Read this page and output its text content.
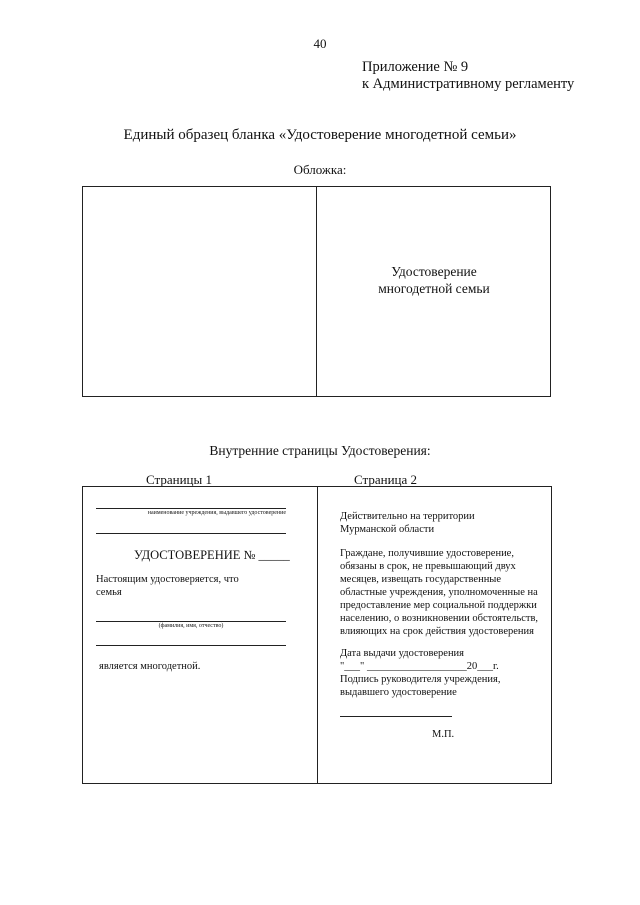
40
Приложение № 9
к Административному регламенту
Единый образец бланка «Удостоверение многодетной семьи»
Обложка:
Удостоверение
многодетной семьи
Внутренние страницы Удостоверения:
Страницы 1	Страница 2
наименование учреждения, выдавшего удостоверение
УДОСТОВЕРЕНИЕ № _____
Настоящим удостоверяется, что
семья
(фамилия, имя, отчество)
является многодетной.
Действительно на территории
Мурманской области
Граждане, получившие удостоверение,
обязаны в срок, не превышающий двух
месяцев, извещать государственные
областные учреждения, уполномоченные на
предоставление мер социальной поддержки
населению, о возникновении обстоятельств,
влияющих на срок действия удостоверения
Дата выдачи удостоверения
"___" ___________________20___г.
Подпись руководителя учреждения,
выдавшего удостоверение
М.П.
